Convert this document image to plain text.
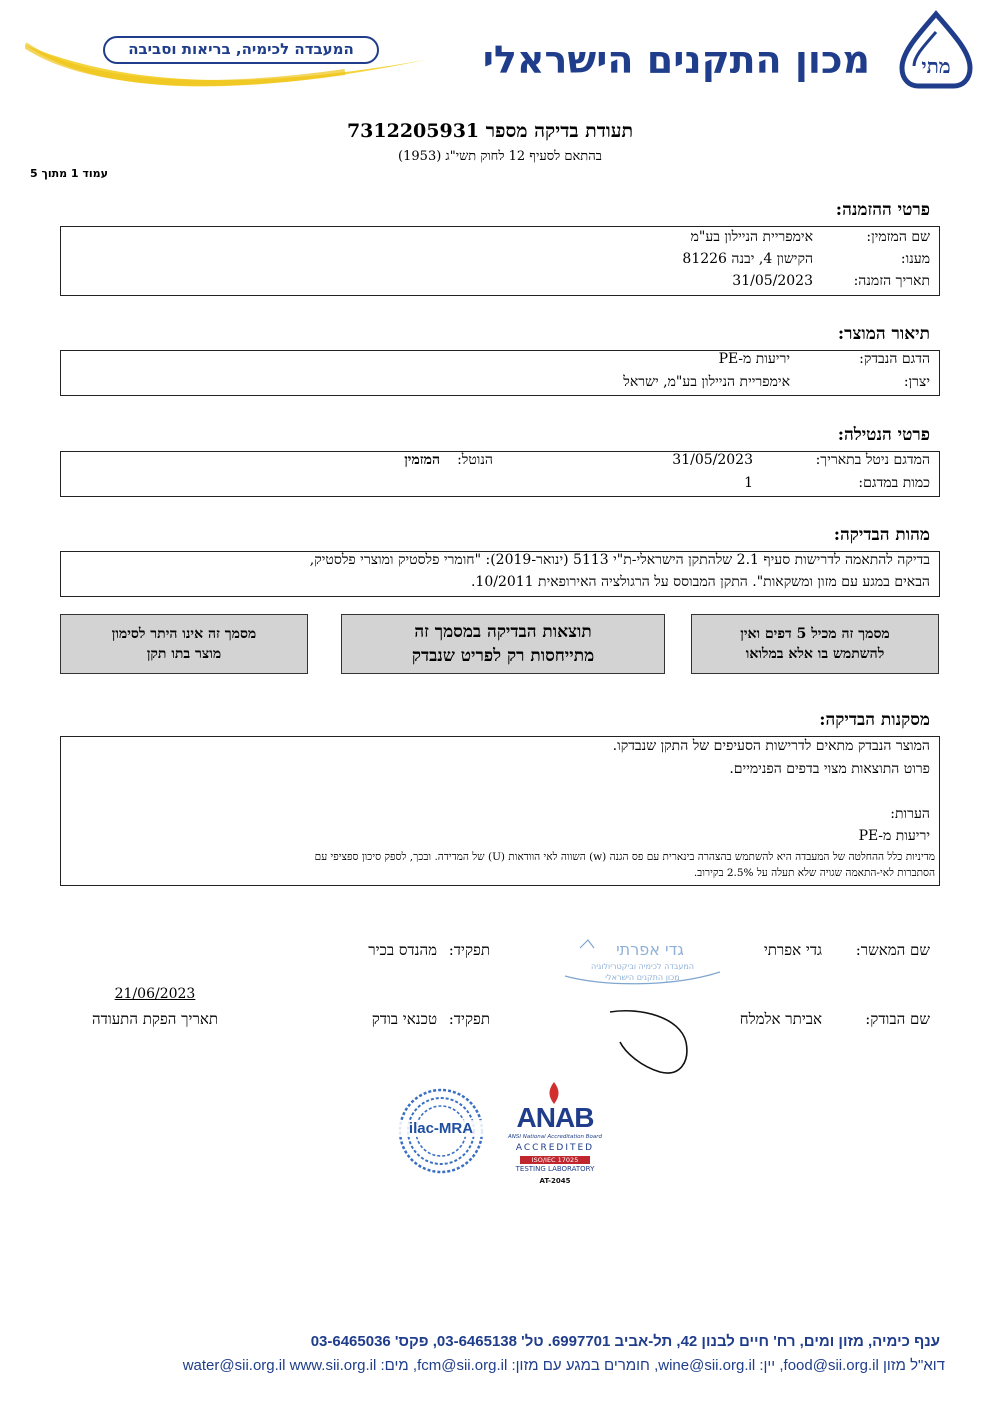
מתי
מכון התקנים הישראלי
המעבדה לכימיה, בריאות וסביבה
תעודת בדיקה מספר 7312205931
בהתאם לסעיף 12 לחוק תשי"ג (1953)
עמוד 1 מתוך 5
פרטי ההזמנה:
שם המזמין:
אימפריית הניילון בע"מ
מענו:
הקישון 4, יבנה 81226
תאריך הזמנה:
31/05/2023
תיאור המוצר:
הדגם הנבדק:
יריעות מ-PE
יצרן:
אימפריית הניילון בע"מ, ישראל
פרטי הנטילה:
המדגם ניטל בתאריך:
31/05/2023
הנוטל:
המזמין
כמות במדגם:
1
מהות הבדיקה:
בדיקה להתאמה לדרישות סעיף 2.1 שלהתקן הישראלי-ת"י 5113 (ינואר-2019): "חומרי פלסטיק ומוצרי פלסטיק,
הבאים במגע עם מזון ומשקאות". התקן המבוסס על הרגולציה האירופאית 10/2011.
מסמך זה מכיל 5 דפים ואין
להשתמש בו אלא במלואו
תוצאות הבדיקה במסמך זה
מתייחסות רק לפריט שנבדק
מסמך זה אינו היתר לסימון
מוצר בתו תקן
מסקנות הבדיקה:
המוצר הנבדק מתאים לדרישות הסעיפים של התקן שנבדקו.
פרוט התוצאות מצוי בדפים הפנימיים.
הערות:
יריעות מ-PE
מדיניות כלל ההחלטה של המעבדה היא להשתמש בהצהרה בינארית עם פס הגנה (w) השווה לאי הוודאות (U) של המדידה. ובכך, לספק סיכון ספציפי עם
הסתברות לאי-התאמה שגויה שלא תעלה על 2.5% בקירוב.
שם המאשר:
גדי אפרתי
תפקיד:
מהנדס בכיר	גדי אפרתי
המעבדה לכימיה וביקטריולוגיה
מכון התקנים הישראלי
שם הבודק:
אביתר אלמלח
תפקיד:
טכנאי בודק
21/06/2023
תאריך הפקת התעודה
ilac-MRA	ANAB
ANSI National Accreditation Board
ACCREDITED
ISO/IEC 17025
TESTING LABORATORY
AT-2045
ענף כימיה, מזון ומים, רח' חיים לבנון 42, תל-אביב 6997701. טל' 03-6465138, פקס' 03-6465036
דוא"ל מזון food@sii.org.il, יין: wine@sii.org.il, חומרים במגע עם מזון: fcm@sii.org.il, מים: water@sii.org.il www.sii.org.il
